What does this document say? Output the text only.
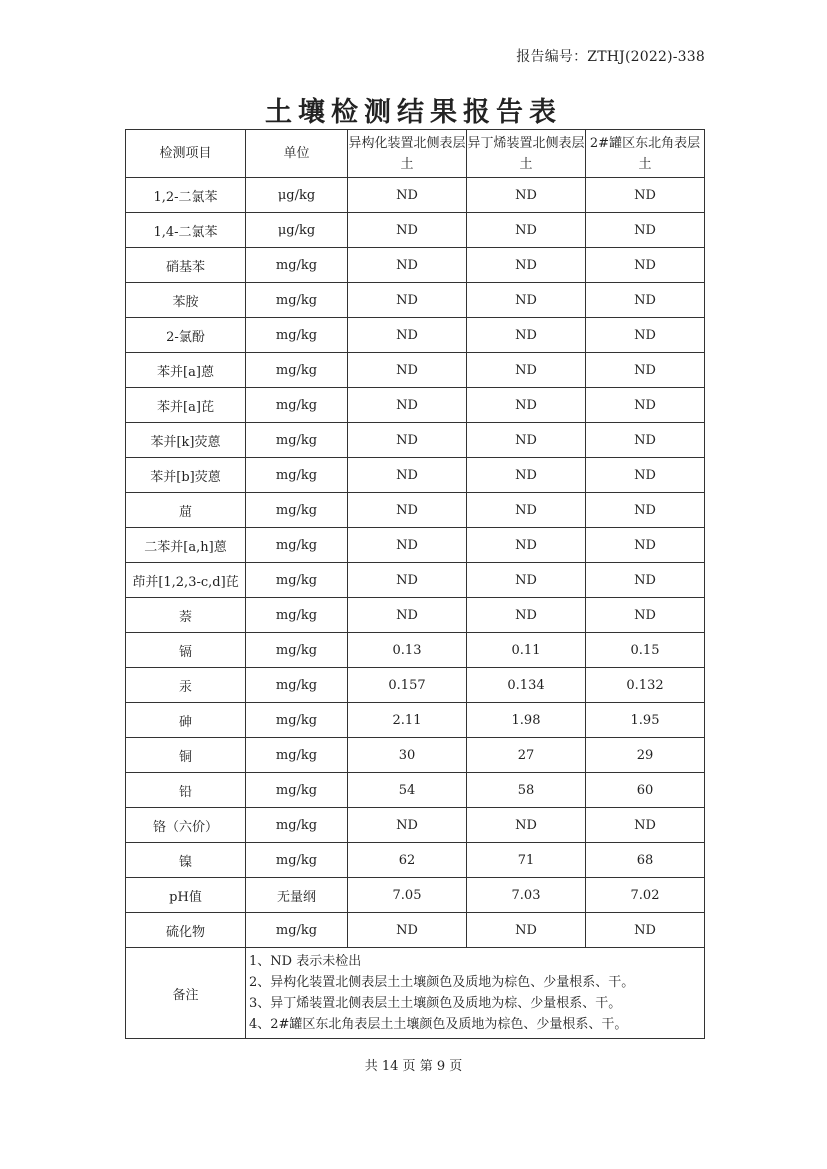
报告编号：ZTHJ(2022)-338
土壤检测结果报告表
检测项目	单位	异构化装置北侧表层土	异丁烯装置北侧表层土	2#罐区东北角表层土
1,2-二氯苯	μg/kg	ND	ND	ND
1,4-二氯苯	μg/kg	ND	ND	ND
硝基苯	mg/kg	ND	ND	ND
苯胺	mg/kg	ND	ND	ND
2-氯酚	mg/kg	ND	ND	ND
苯并[a]蒽	mg/kg	ND	ND	ND
苯并[a]芘	mg/kg	ND	ND	ND
苯并[k]荧蒽	mg/kg	ND	ND	ND
苯并[b]荧蒽	mg/kg	ND	ND	ND
䓛	mg/kg	ND	ND	ND
二苯并[a,h]蒽	mg/kg	ND	ND	ND
茚并[1,2,3-c,d]芘	mg/kg	ND	ND	ND
萘	mg/kg	ND	ND	ND
镉	mg/kg	0.13	0.11	0.15
汞	mg/kg	0.157	0.134	0.132
砷	mg/kg	2.11	1.98	1.95
铜	mg/kg	30	27	29
铅	mg/kg	54	58	60
铬（六价）	mg/kg	ND	ND	ND
镍	mg/kg	62	71	68
pH值	无量纲	7.05	7.03	7.02
硫化物	mg/kg	ND	ND	ND
备注	1、ND 表示未检出
2、异构化装置北侧表层土土壤颜色及质地为棕色、少量根系、干。
3、异丁烯装置北侧表层土土壤颜色及质地为棕、少量根系、干。
4、2#罐区东北角表层土土壤颜色及质地为棕色、少量根系、干。			
共 14 页 第 9 页
